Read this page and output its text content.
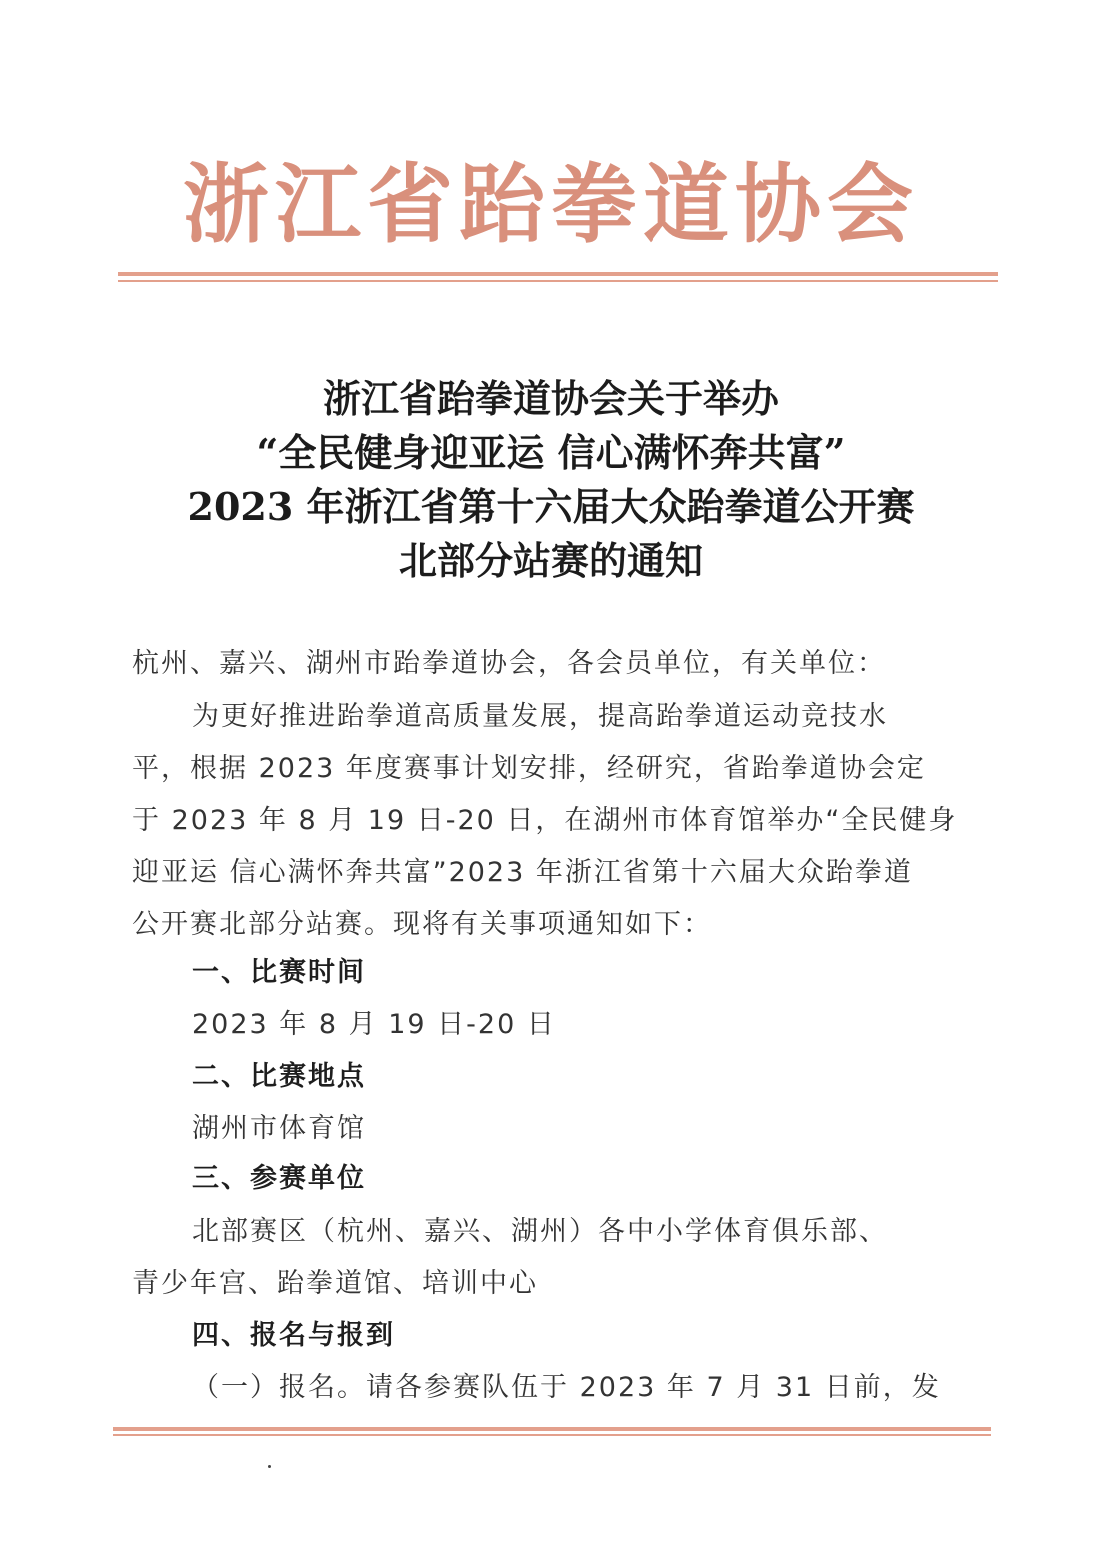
浙江省跆拳道协会
浙江省跆拳道协会关于举办
“全民健身迎亚运 信心满怀奔共富”
2023 年浙江省第十六届大众跆拳道公开赛
北部分站赛的通知
杭州、嘉兴、湖州市跆拳道协会，各会员单位，有关单位：
为更好推进跆拳道高质量发展，提高跆拳道运动竞技水
平，根据 2023 年度赛事计划安排，经研究，省跆拳道协会定
于 2023 年 8 月 19 日-20 日，在湖州市体育馆举办“全民健身
迎亚运 信心满怀奔共富”2023 年浙江省第十六届大众跆拳道
公开赛北部分站赛。现将有关事项通知如下：
一、比赛时间
2023 年 8 月 19 日-20 日
二、比赛地点
湖州市体育馆
三、参赛单位
北部赛区（杭州、嘉兴、湖州）各中小学体育俱乐部、
青少年宫、跆拳道馆、培训中心
四、报名与报到
（一）报名。请各参赛队伍于 2023 年 7 月 31 日前，发
